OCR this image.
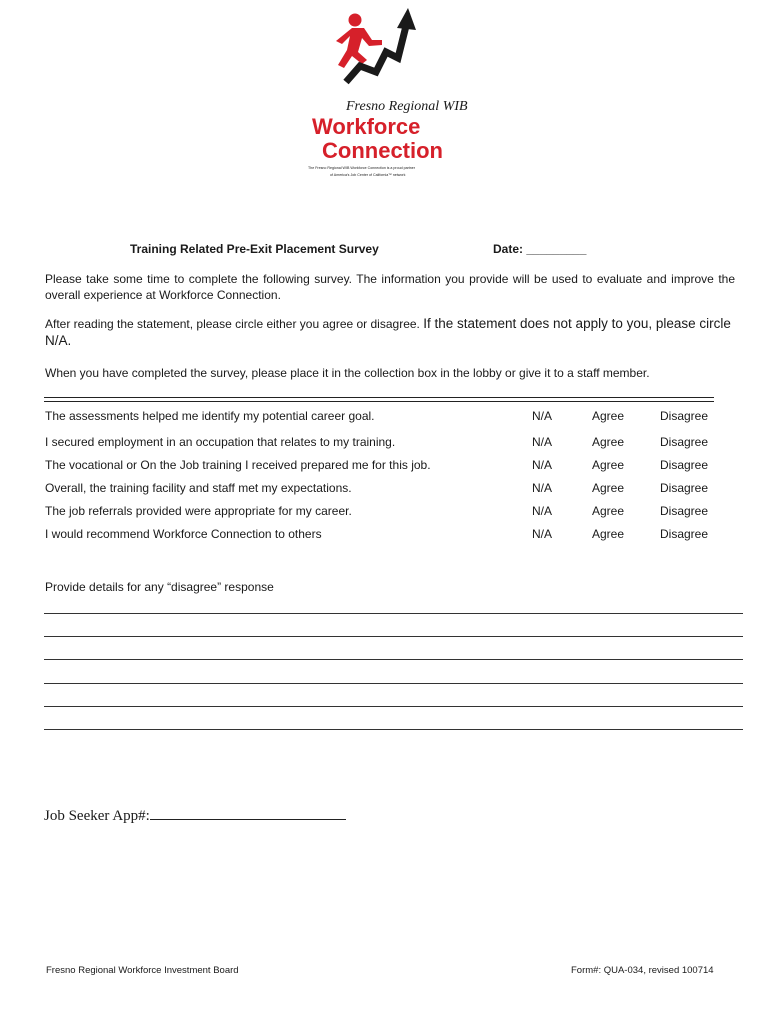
Fresno Regional WIB
Workforce
Connection
The Fresno Regional WIB Workforce Connection is a proud partner
of America's Job Center of California™ network
Training Related Pre-Exit Placement Survey	Date: _________
Please take some time to complete the following survey. The information you provide will be used to evaluate and improve the overall experience at Workforce Connection.
After reading the statement, please circle either you agree or disagree. If the statement does not apply to you, please circle N/A.
When you have completed the survey, please place it in the collection box in the lobby or give it to a staff member.
The assessments helped me identify my potential career goal.	N/A	Agree	Disagree
I secured employment in an occupation that relates to my training.	N/A	Agree	Disagree
The vocational or On the Job training I received prepared me for this job.	N/A	Agree	Disagree
Overall, the training facility and staff met my expectations.	N/A	Agree	Disagree
The job referrals provided were appropriate for my career.	N/A	Agree	Disagree
I would recommend Workforce Connection to others	N/A	Agree	Disagree
Provide details for any “disagree” response
Job Seeker App#:
Fresno Regional Workforce Investment Board	Form#: QUA-034, revised 100714
